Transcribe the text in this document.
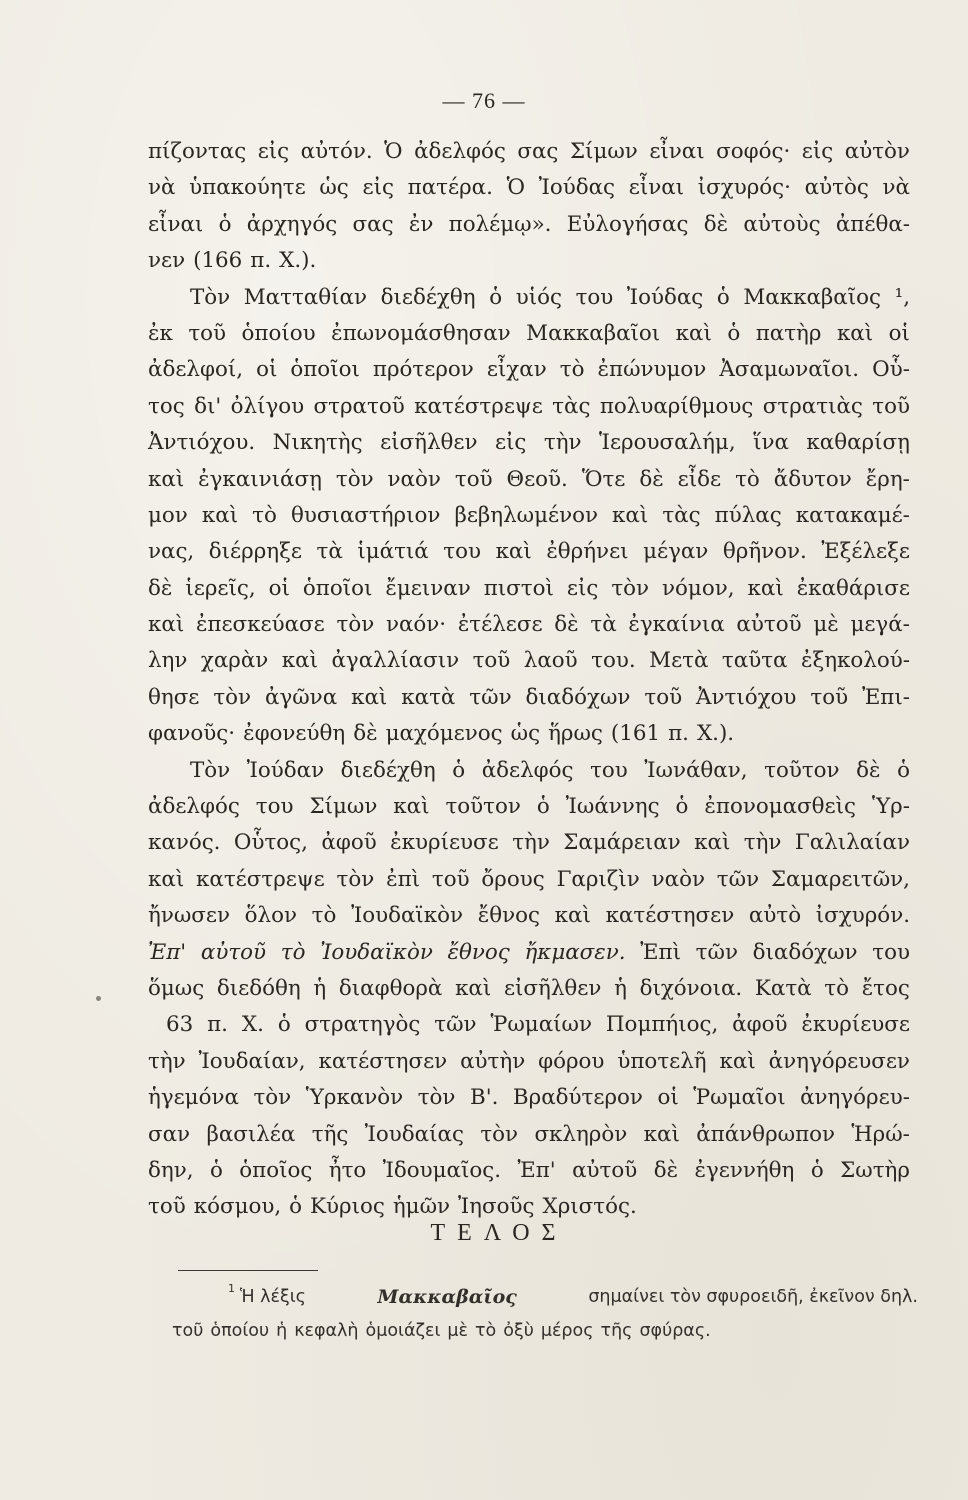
— 76 —
πίζοντας εἰς αὐτόν. Ὁ ἀδελφός σας Σίμων εἶναι σοφός· εἰς αὐτὸν
νὰ ὑπακούητε ὡς εἰς πατέρα. Ὁ Ἰούδας εἶναι ἰσχυρός· αὐτὸς νὰ
εἶναι ὁ ἀρχηγός σας ἐν πολέμῳ». Εὐλογήσας δὲ αὐτοὺς ἀπέθα-
νεν (166 π. Χ.).
Τὸν Ματταθίαν διεδέχθη ὁ υἱός του Ἰούδας ὁ Μακκαβαῖος ¹,
ἐκ τοῦ ὁποίου ἐπωνομάσθησαν Μακκαβαῖοι καὶ ὁ πατὴρ καὶ οἱ
ἀδελφοί, οἱ ὁποῖοι πρότερον εἶχαν τὸ ἐπώνυμον Ἀσαμωναῖοι. Οὗ-
τος δι' ὀλίγου στρατοῦ κατέστρεψε τὰς πολυαρίθμους στρατιὰς τοῦ
Ἀντιόχου. Νικητὴς εἰσῆλθεν εἰς τὴν Ἱερουσαλήμ, ἵνα καθαρίσῃ
καὶ ἐγκαινιάσῃ τὸν ναὸν τοῦ Θεοῦ. Ὅτε δὲ εἶδε τὸ ἄδυτον ἔρη-
μον καὶ τὸ θυσιαστήριον βεβηλωμένον καὶ τὰς πύλας κατακαμέ-
νας, διέρρηξε τὰ ἱμάτιά του καὶ ἐθρήνει μέγαν θρῆνον. Ἐξέλεξε
δὲ ἱερεῖς, οἱ ὁποῖοι ἔμειναν πιστοὶ εἰς τὸν νόμον, καὶ ἐκαθάρισε
καὶ ἐπεσκεύασε τὸν ναόν· ἐτέλεσε δὲ τὰ ἐγκαίνια αὐτοῦ μὲ μεγά-
λην χαρὰν καὶ ἀγαλλίασιν τοῦ λαοῦ του. Μετὰ ταῦτα ἐξηκολού-
θησε τὸν ἀγῶνα καὶ κατὰ τῶν διαδόχων τοῦ Ἀντιόχου τοῦ Ἐπι-
φανοῦς· ἐφονεύθη δὲ μαχόμενος ὡς ἥρως (161 π. Χ.).
Τὸν Ἰούδαν διεδέχθη ὁ ἀδελφός του Ἰωνάθαν, τοῦτον δὲ ὁ
ἀδελφός του Σίμων καὶ τοῦτον ὁ Ἰωάννης ὁ ἐπονομασθεὶς Ὑρ-
κανός. Οὗτος, ἀφοῦ ἐκυρίευσε τὴν Σαμάρειαν καὶ τὴν Γαλιλαίαν
καὶ κατέστρεψε τὸν ἐπὶ τοῦ ὄρους Γαριζὶν ναὸν τῶν Σαμαρειτῶν,
ἤνωσεν ὅλον τὸ Ἰουδαϊκὸν ἔθνος καὶ κατέστησεν αὐτὸ ἰσχυρόν.
Ἐπ' αὐτοῦ τὸ Ἰουδαϊκὸν ἔθνος ἤκμασεν. Ἐπὶ τῶν διαδόχων του
ὅμως διεδόθη ἡ διαφθορὰ καὶ εἰσῆλθεν ἡ διχόνοια. Κατὰ τὸ ἔτος
63 π. Χ. ὁ στρατηγὸς τῶν Ῥωμαίων Πομπήιος, ἀφοῦ ἐκυρίευσε
τὴν Ἰουδαίαν, κατέστησεν αὐτὴν φόρου ὑποτελῆ καὶ ἀνηγόρευσεν
ἡγεμόνα τὸν Ὑρκανὸν τὸν Β'. Βραδύτερον οἱ Ῥωμαῖοι ἀνηγόρευ-
σαν βασιλέα τῆς Ἰουδαίας τὸν σκληρὸν καὶ ἀπάνθρωπον Ἡρώ-
δην, ὁ ὁποῖος ἦτο Ἰδουμαῖος. Ἐπ' αὐτοῦ δὲ ἐγεννήθη ὁ Σωτὴρ
τοῦ κόσμου, ὁ Κύριος ἡμῶν Ἰησοῦς Χριστός.
ΤΕΛΟΣ
1 Ἡ λέξις	Μακκαβαῖος	σημαίνει τὸν σφυροειδῆ, ἐκεῖνον δηλ.
τοῦ ὁποίου ἡ κεφαλὴ ὁμοιάζει μὲ τὸ ὀξὺ μέρος τῆς σφύρας.
